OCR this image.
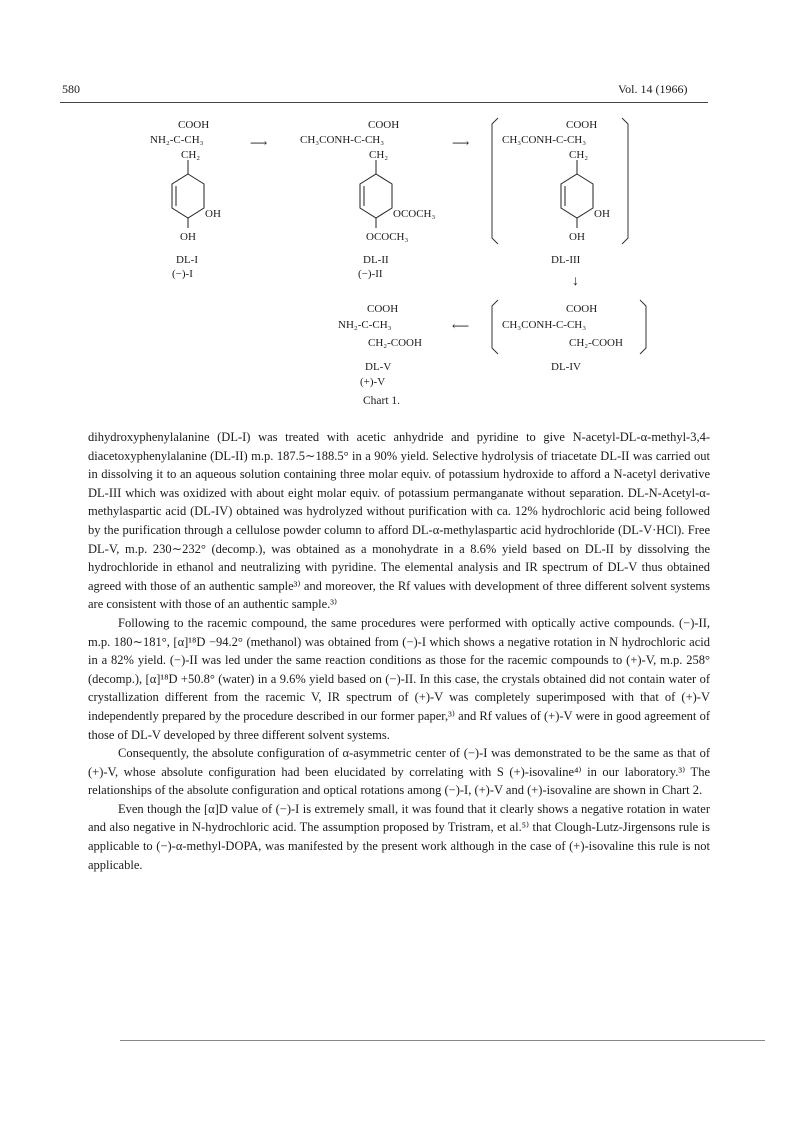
580	Vol. 14 (1966)
COOH
NH₂-C-CH₃
CH₂
OH
OH
DL-I
(−)-I
⟶
COOH
CH₃CONH-C-CH₃
CH₂
OCOCH₃
OCOCH₃
DL-II
(−)-II
⟶
COOH
CH₃CONH-C-CH₃
CH₂
OH
OH
DL-III
↓
COOH
CH₃CONH-C-CH₃
CH₂-COOH
DL-IV
⟵
COOH
NH₂-C-CH₃
CH₂-COOH
DL-V
(+)-V
Chart 1.

dihydroxyphenylalanine (DL-I) was treated with acetic anhydride and pyridine to give N-acetyl-DL-α-methyl-3,4-diacetoxyphenylalanine (DL-II) m.p. 187.5∼188.5° in a 90% yield. Selective hydrolysis of triacetate DL-II was carried out in dissolving it to an aqueous solution containing three molar equiv. of potassium hydroxide to afford a N-acetyl derivative DL-III which was oxidized with about eight molar equiv. of potassium permanganate without separation. DL-N-Acetyl-α-methylaspartic acid (DL-IV) obtained was hydrolyzed without purification with ca. 12% hydrochloric acid being followed by the purification through a cellulose powder column to afford DL-α-methylaspartic acid hydrochloride (DL-V·HCl). Free DL-V, m.p. 230∼232° (decomp.), was obtained as a monohydrate in a 8.6% yield based on DL-II by dissolving the hydrochloride in ethanol and neutralizing with pyridine. The elemental analysis and IR spectrum of DL-V thus obtained agreed with those of an authentic sample³⁾ and moreover, the Rf values with development of three different solvent systems are consistent with those of an authentic sample.³⁾

Following to the racemic compound, the same procedures were performed with optically active compounds. (−)-II, m.p. 180∼181°, [α]¹⁸D −94.2° (methanol) was obtained from (−)-I which shows a negative rotation in N hydrochloric acid in a 82% yield. (−)-II was led under the same reaction conditions as those for the racemic compounds to (+)-V, m.p. 258° (decomp.), [α]¹⁸D +50.8° (water) in a 9.6% yield based on (−)-II. In this case, the crystals obtained did not contain water of crystallization different from the racemic V, IR spectrum of (+)-V was completely superimposed with that of (+)-V independently prepared by the procedure described in our former paper,³⁾ and Rf values of (+)-V were in good agreement of those of DL-V developed by three different solvent systems.

Consequently, the absolute configuration of α-asymmetric center of (−)-I was demonstrated to be the same as that of (+)-V, whose absolute configuration had been elucidated by correlating with S (+)-isovaline⁴⁾ in our laboratory.³⁾ The relationships of the absolute configuration and optical rotations among (−)-I, (+)-V and (+)-isovaline are shown in Chart 2.

Even though the [α]D value of (−)-I is extremely small, it was found that it clearly shows a negative rotation in water and also negative in N-hydrochloric acid. The assumption proposed by Tristram, et al.⁵⁾ that Clough-Lutz-Jirgensons rule is applicable to (−)-α-methyl-DOPA, was manifested by the present work although in the case of (+)-isovaline this rule is not applicable.
